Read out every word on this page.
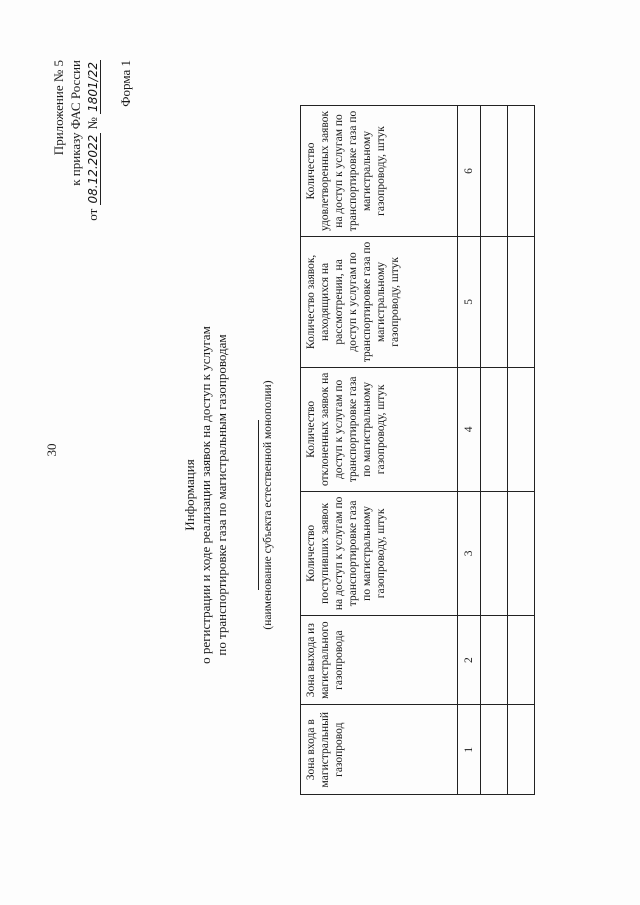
30
Приложение № 5 к приказу ФАС России
от 08.12.2022 № 1801/22 Форма 1
Информация о регистрации и ходе реализации заявок на доступ к услугам по транспортировке газа по магистральным газопроводам	(наименование субъекта естественной монополии)
Зона входа в магистральный газопровод	Зона выхода из магистрального газопровода	Количество поступивших заявок на доступ к услугам по транспортировке газа по магистральному газопроводу, штук	Количество отклоненных заявок на доступ к услугам по транспортировке газа по магистральному газопроводу, штук	Количество заявок, находящихся на рассмотрении, на доступ к услугам по транспортировке газа по магистральному газопроводу, штук	Количество удовлетворенных заявок на доступ к услугам по транспортировке газа по магистральному газопроводу, штук
1	2	3	4	5	6
